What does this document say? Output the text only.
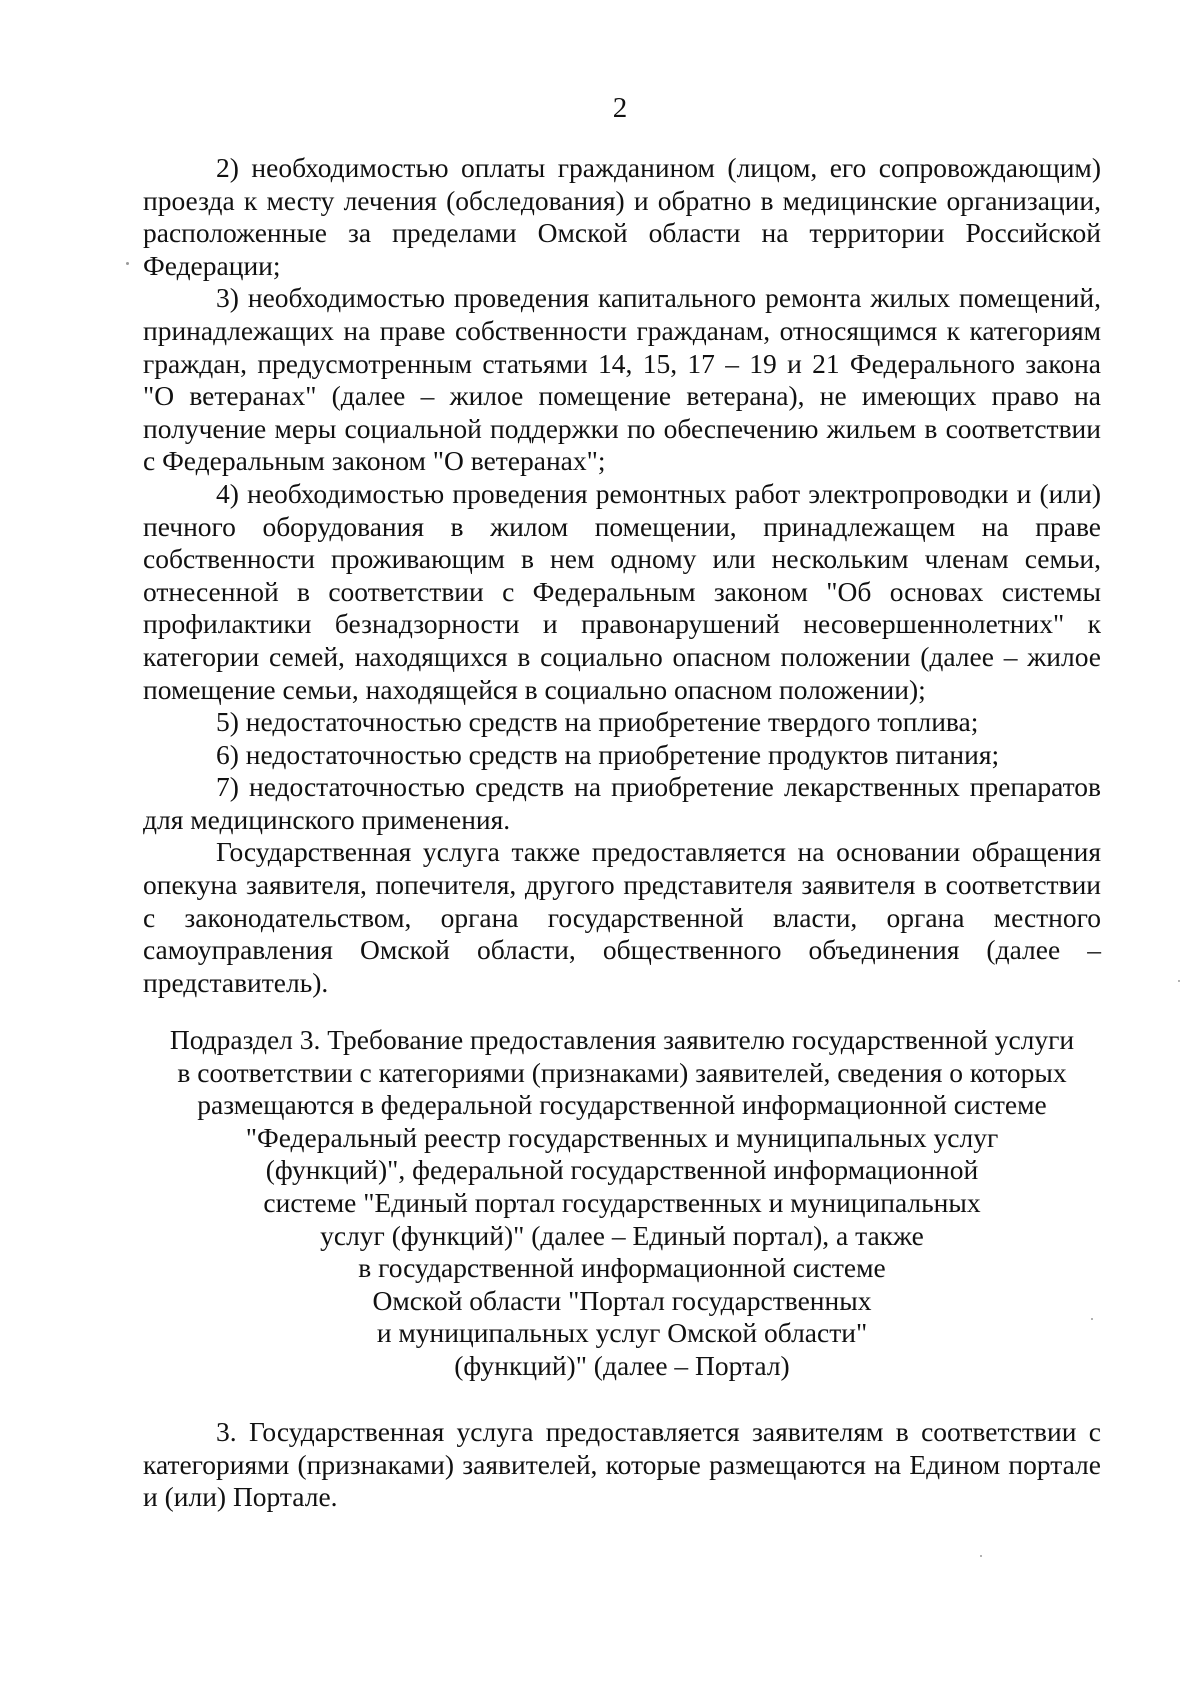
2

2) необходимостью оплаты гражданином (лицом, его сопровождающим) проезда к месту лечения (обследования) и обратно в медицинские организации, расположенные за пределами Омской области на территории Российской Федерации;

3) необходимостью проведения капитального ремонта жилых помещений, принадлежащих на праве собственности гражданам, относящимся к категориям граждан, предусмотренным статьями 14, 15, 17 – 19 и 21 Федерального закона "О ветеранах" (далее – жилое помещение ветерана), не имеющих право на получение меры социальной поддержки по обеспечению жильем в соответствии с Федеральным законом "О ветеранах";

4) необходимостью проведения ремонтных работ электропроводки и (или) печного оборудования в жилом помещении, принадлежащем на праве собственности проживающим в нем одному или нескольким членам семьи, отнесенной в соответствии с Федеральным законом "Об основах системы профилактики безнадзорности и правонарушений несовершеннолетних" к категории семей, находящихся в социально опасном положении (далее – жилое помещение семьи, находящейся в социально опасном положении);

5) недостаточностью средств на приобретение твердого топлива;

6) недостаточностью средств на приобретение продуктов питания;

7) недостаточностью средств на приобретение лекарственных препаратов для медицинского применения.

Государственная услуга также предоставляется на основании обращения опекуна заявителя, попечителя, другого представителя заявителя в соответствии с законодательством, органа государственной власти, органа местного самоуправления Омской области, общественного объединения (далее – представитель).

Подраздел 3. Требование предоставления заявителю государственной услуги
в соответствии с категориями (признаками) заявителей, сведения о которых
размещаются в федеральной государственной информационной системе
"Федеральный реестр государственных и муниципальных услуг
(функций)", федеральной государственной информационной
системе "Единый портал государственных и муниципальных
услуг (функций)" (далее – Единый портал), а также
в государственной информационной системе
Омской области "Портал государственных
и муниципальных услуг Омской области"
(функций)" (далее – Портал)

3. Государственная услуга предоставляется заявителям в соответствии с категориями (признаками) заявителей, которые размещаются на Едином портале и (или) Портале.
